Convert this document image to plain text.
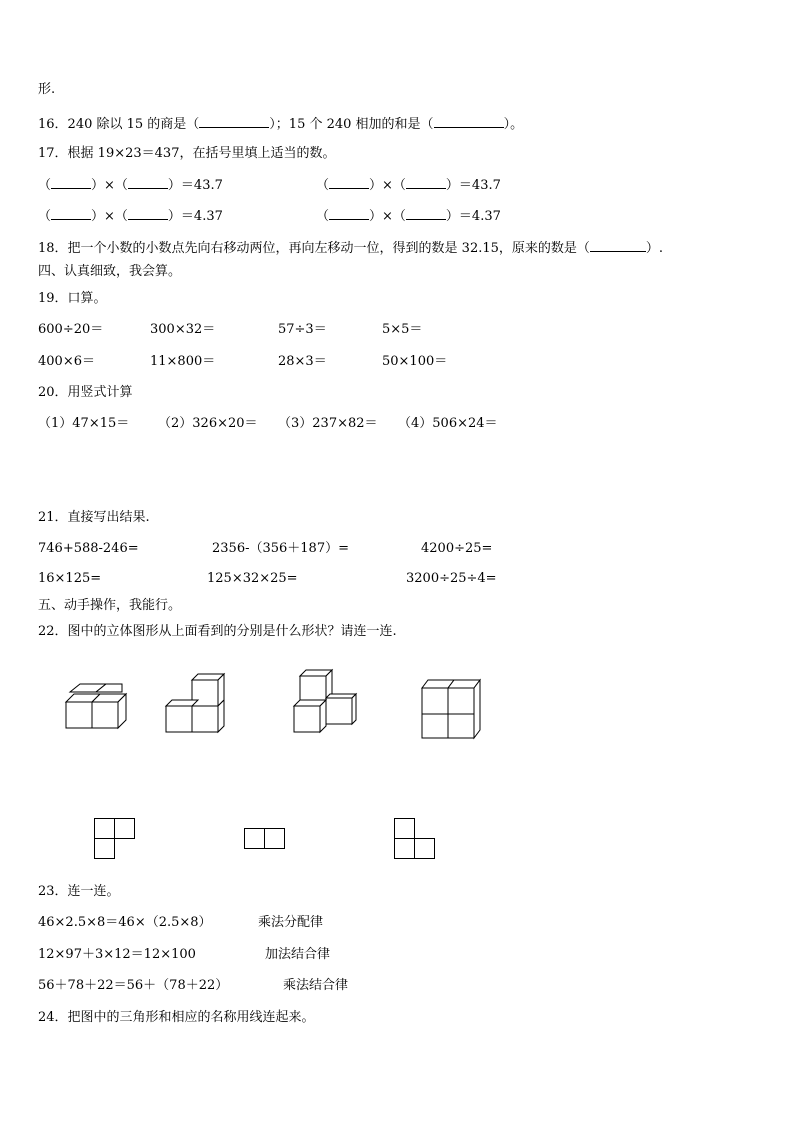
形.
16．240 除以 15 的商是（	）；15 个 240 相加的和是（	）。
17．根据 19×23＝437，在括号里填上适当的数。
（	）×（	）＝43.7	（	）×（	）＝43.7
（	）×（	）＝4.37	（	）×（	）＝4.37
18．把一个小数的小数点先向右移动两位，再向左移动一位，得到的数是 32.15，原来的数是（	）.
四、认真细致，我会算。
19．口算。
600÷20＝	300×32＝	57÷3＝	5×5＝
400×6＝	11×800＝	28×3＝	50×100＝
20．用竖式计算
（1）47×15＝ （2）326×20＝ （3）237×82＝ （4）506×24＝
21．直接写出结果.
746+588-246=	2356-（356＋187）=	4200÷25=
16×125=	125×32×25=	3200÷25÷4=
五、动手操作，我能行。
22．图中的立体图形从上面看到的分别是什么形状？请连一连.
23．连一连。
46×2.5×8＝46×（2.5×8）	乘法分配律
12×97＋3×12＝12×100	加法结合律
56＋78＋22＝56＋（78＋22）	乘法结合律
24．把图中的三角形和相应的名称用线连起来。
